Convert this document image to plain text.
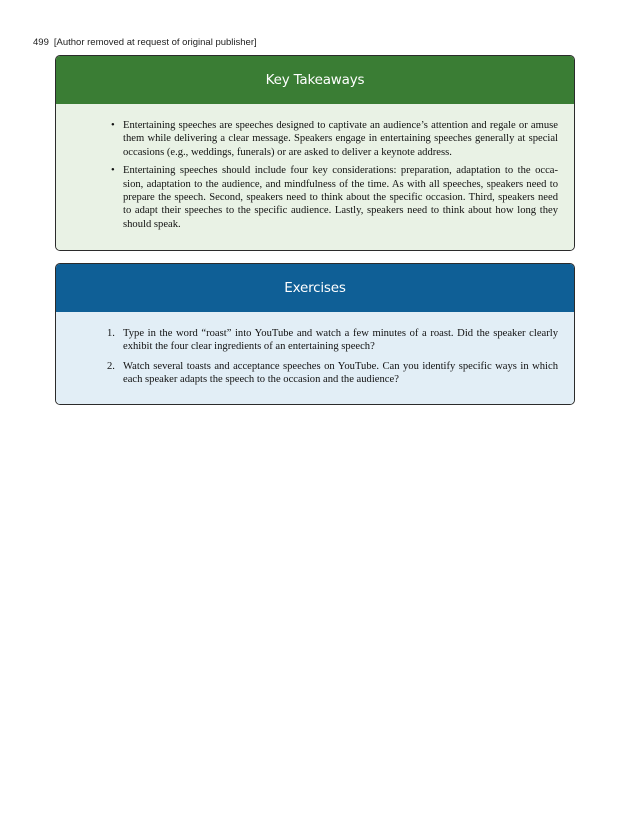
499 [Author removed at request of original publisher]
Key Takeaways
• Entertaining speeches are speeches designed to captivate an audience’s attention and regale or amuse them while delivering a clear message. Speakers engage in entertaining speeches generally at special occasions (e.g., weddings, funerals) or are asked to deliver a keynote address.
• Entertaining speeches should include four key considerations: preparation, adaptation to the occa-sion, adaptation to the audience, and mindfulness of the time. As with all speeches, speakers need to prepare the speech. Second, speakers need to think about the specific occasion. Third, speakers need to adapt their speeches to the specific audience. Lastly, speakers need to think about how long they should speak.
Exercises
1. Type in the word “roast” into YouTube and watch a few minutes of a roast. Did the speaker clearly exhibit the four clear ingredients of an entertaining speech?
2. Watch several toasts and acceptance speeches on YouTube. Can you identify specific ways in which each speaker adapts the speech to the occasion and the audience?
